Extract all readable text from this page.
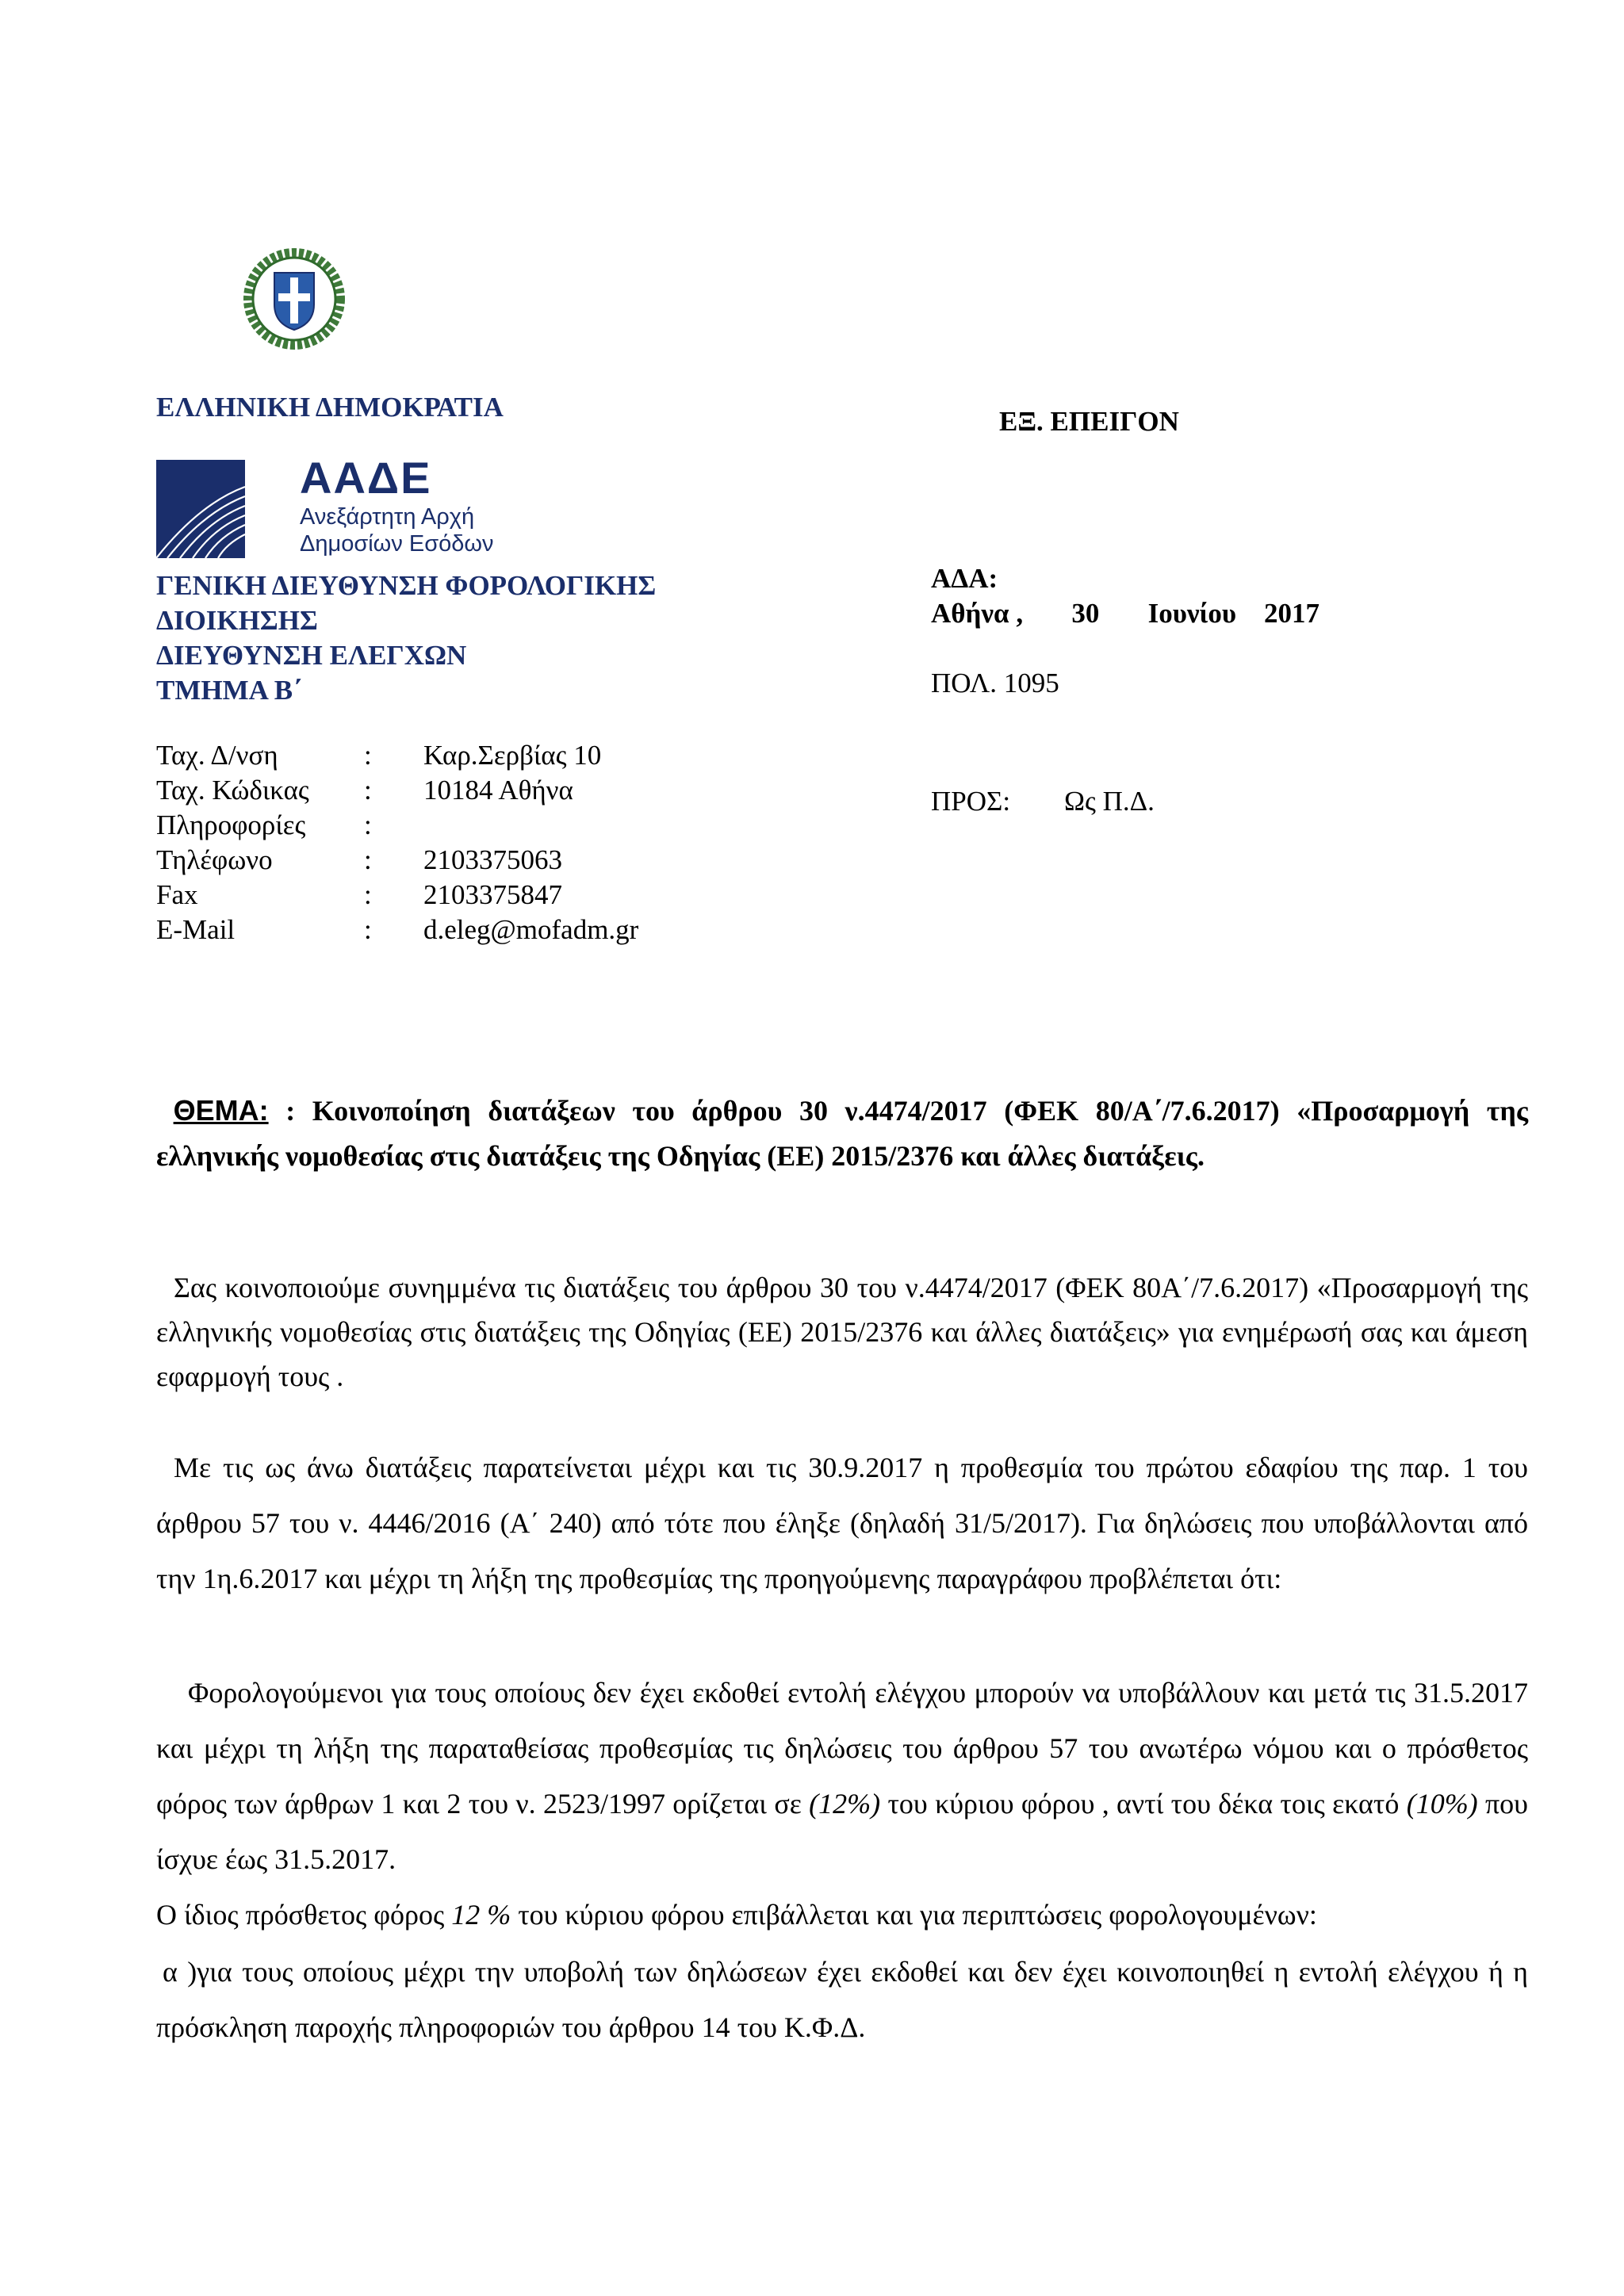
ΕΛΛΗΝΙΚΗ ΔΗΜΟΚΡΑΤΙΑ
ΑΑΔΕ
Ανεξάρτητη Αρχή
Δημοσίων Εσόδων
ΓΕΝΙΚΗ ΔΙΕΥΘΥΝΣΗ ΦΟΡΟΛΟΓΙΚΗΣ
ΔΙΟΙΚΗΣΗΣ
ΔΙΕΥΘΥΝΣΗ ΕΛΕΓΧΩΝ
ΤΜΗΜΑ Β΄
Ταχ. Δ/νση	: Καρ.Σερβίας 10
Ταχ. Κώδικας : 10184 Αθήνα
Πληροφορίες :
Τηλέφωνο	: 2103375063
Fax	: 2103375847
E-Mail	: d.eleg@mofadm.gr
ΕΞ. ΕΠΕΙΓΟΝ
ΑΔΑ:
Αθήνα ,       30       Ιουνίου    2017
ΠΟΛ. 1095
ΠΡΟΣ: Ως Π.Δ.
ΘΕΜΑ: : Κοινοποίηση διατάξεων του άρθρου 30 ν.4474/2017 (ΦΕΚ 80/Α΄/7.6.2017) «Προσαρμογή της ελληνικής νομοθεσίας στις διατάξεις της Οδηγίας (ΕΕ) 2015/2376 και άλλες διατάξεις.
Σας κοινοποιούμε συνημμένα τις διατάξεις του άρθρου 30 του ν.4474/2017 (ΦΕΚ 80Α΄/7.6.2017) «Προσαρμογή της ελληνικής νομοθεσίας στις διατάξεις της Οδηγίας (ΕΕ) 2015/2376 και άλλες διατάξεις» για ενημέρωσή σας και άμεση εφαρμογή τους .
Με τις ως άνω διατάξεις παρατείνεται μέχρι και τις 30.9.2017 η προθεσμία του πρώτου εδαφίου της παρ. 1 του άρθρου 57 του ν. 4446/2016 (Α΄ 240) από τότε που έληξε (δηλαδή 31/5/2017). Για δηλώσεις που υποβάλλονται από την 1η.6.2017 και μέχρι τη λήξη της προθεσμίας της προηγούμενης παραγράφου προβλέπεται ότι:
Φορολογούμενοι για τους οποίους δεν έχει εκδοθεί εντολή ελέγχου μπορούν να υποβάλλουν και μετά τις 31.5.2017 και μέχρι τη λήξη της παραταθείσας προθεσμίας τις δηλώσεις του άρθρου 57 του ανωτέρω νόμου και ο πρόσθετος φόρος των άρθρων 1 και 2 του ν. 2523/1997 ορίζεται σε (12%) του κύριου φόρου , αντί του δέκα τοις εκατό (10%) που ίσχυε έως 31.5.2017.
Ο ίδιος πρόσθετος φόρος 12 % του κύριου φόρου επιβάλλεται και για περιπτώσεις φορολογουμένων:
α )για τους οποίους μέχρι την υποβολή των δηλώσεων έχει εκδοθεί και δεν έχει κοινοποιηθεί η εντολή ελέγχου ή η πρόσκληση παροχής πληροφοριών του άρθρου 14 του Κ.Φ.Δ.
